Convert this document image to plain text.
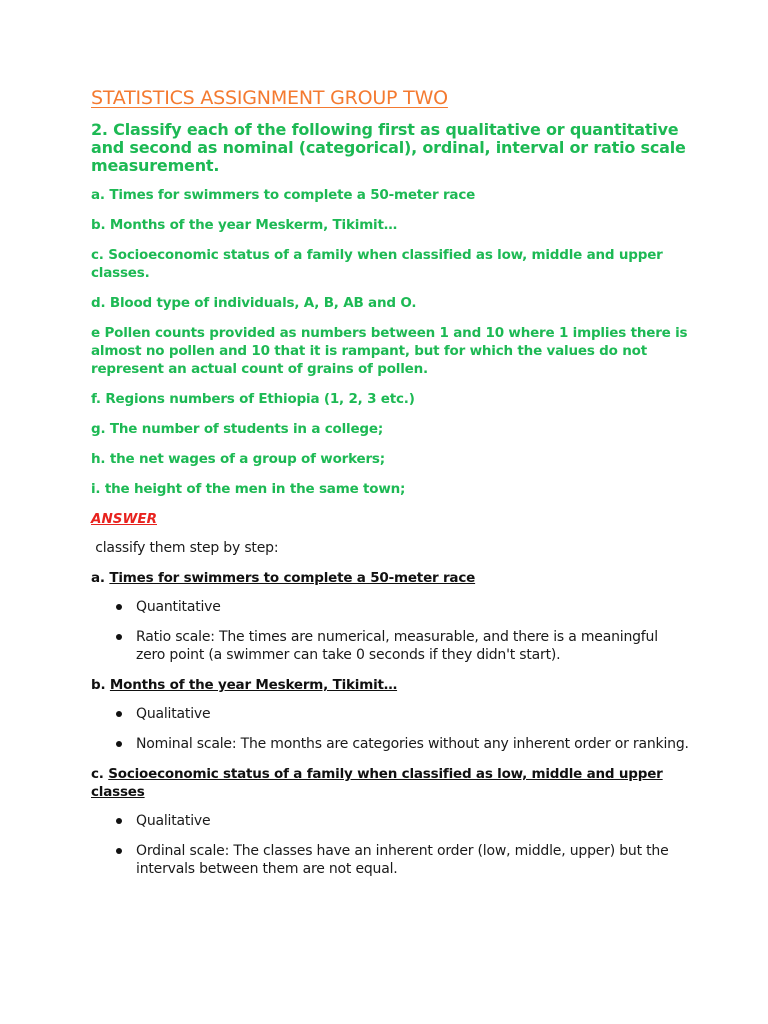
STATISTICS ASSIGNMENT GROUP TWO
2. Classify each of the following first as qualitative or quantitative and second as nominal (categorical), ordinal, interval or ratio scale measurement.
a. Times for swimmers to complete a 50-meter race
b. Months of the year Meskerm, Tikimit…
c. Socioeconomic status of a family when classified as low, middle and upper classes.
d. Blood type of individuals, A, B, AB and O.
e Pollen counts provided as numbers between 1 and 10 where 1 implies there is almost no pollen and 10 that it is rampant, but for which the values do not represent an actual count of grains of pollen.
f. Regions numbers of Ethiopia (1, 2, 3 etc.)
g. The number of students in a college;
h. the net wages of a group of workers;
i. the height of the men in the same town;
ANSWER
classify them step by step:
a. Times for swimmers to complete a 50-meter race
Quantitative
Ratio scale: The times are numerical, measurable, and there is a meaningful zero point (a swimmer can take 0 seconds if they didn't start).
b. Months of the year Meskerm, Tikimit…
Qualitative
Nominal scale: The months are categories without any inherent order or ranking.
c. Socioeconomic status of a family when classified as low, middle and upper classes
Qualitative
Ordinal scale: The classes have an inherent order (low, middle, upper) but the intervals between them are not equal.
